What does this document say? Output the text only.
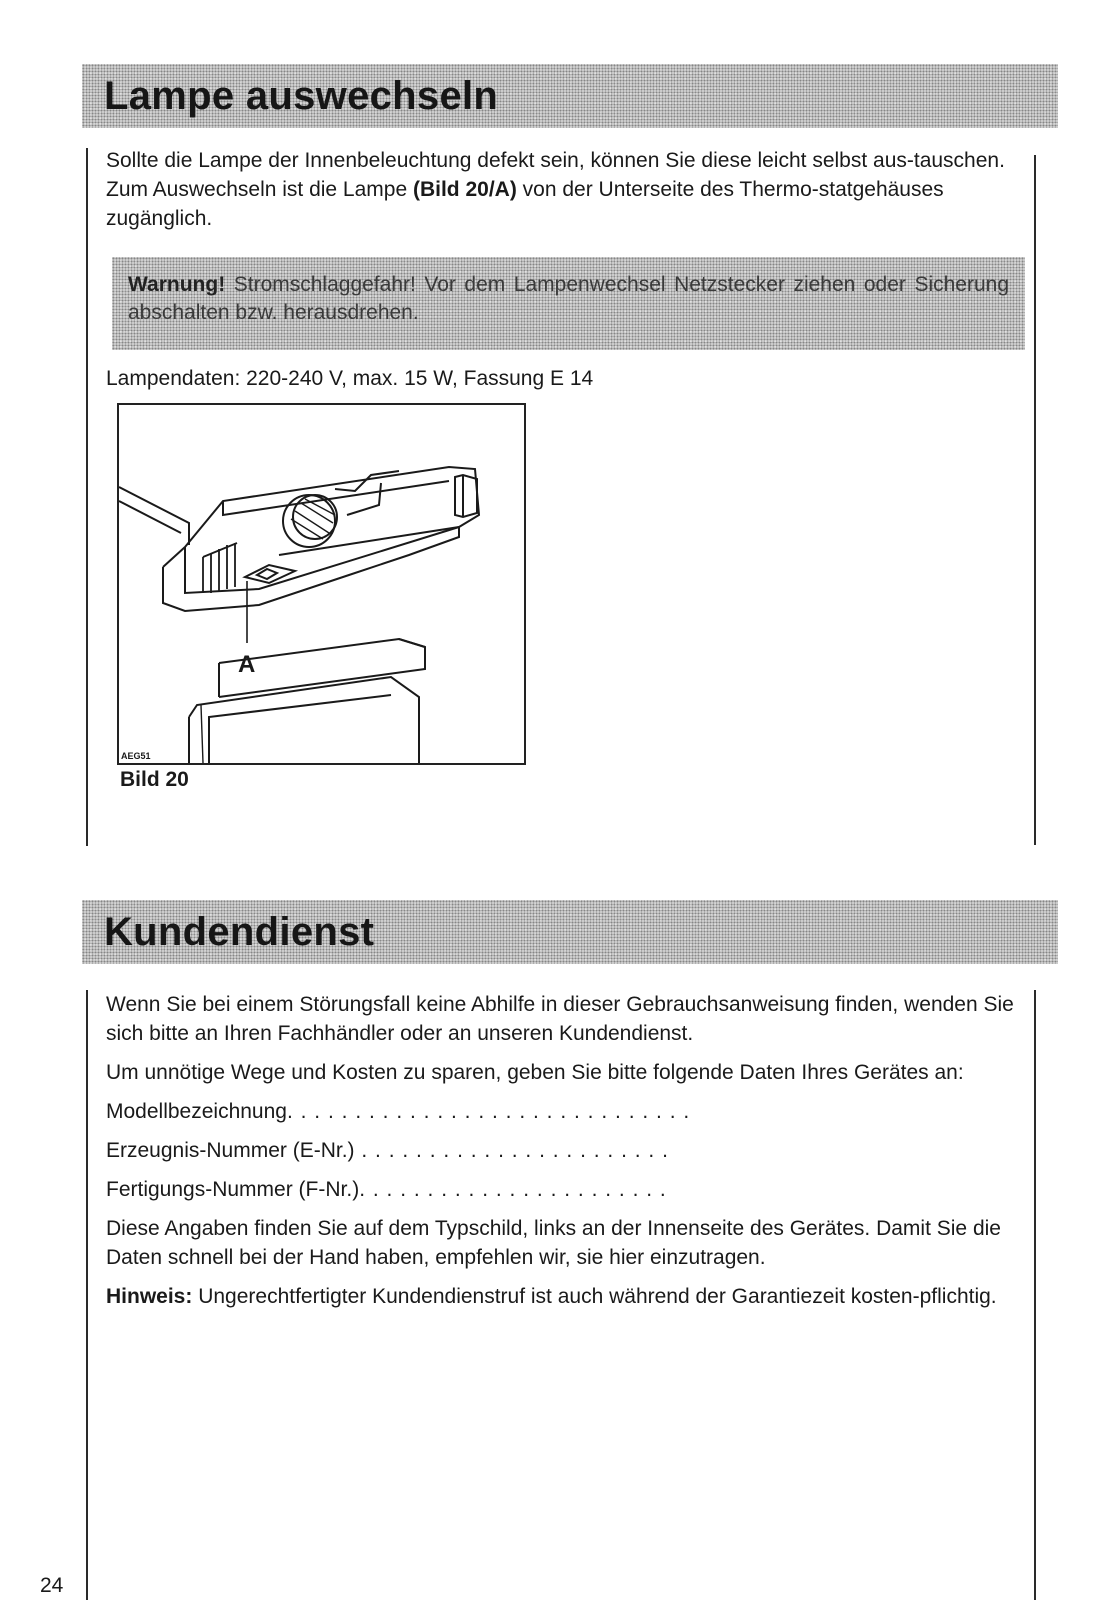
Lampe auswechseln

Sollte die Lampe der Innenbeleuchtung defekt sein, können Sie diese leicht selbst aus-tauschen. Zum Auswechseln ist die Lampe (Bild 20/A) von der Unterseite des Thermo-statgehäuses zugänglich.

Warnung! Stromschlaggefahr! Vor dem Lampenwechsel Netzstecker ziehen oder Sicherung abschalten bzw. herausdrehen.

Lampendaten: 220-240 V, max. 15 W, Fassung E 14

A
AEG51
Bild 20
Kundendienst

Wenn Sie bei einem Störungsfall keine Abhilfe in dieser Gebrauchsanweisung finden, wenden Sie sich bitte an Ihren Fachhändler oder an unseren Kundendienst.

Um unnötige Wege und Kosten zu sparen, geben Sie bitte folgende Daten Ihres Gerätes an:

Modellbezeichnung. . . . . . . . . . . . . . . . . . . . . . . . . . . . . .

Erzeugnis-Nummer (E-Nr.) . . . . . . . . . . . . . . . . . . . . . . .

Fertigungs-Nummer (F-Nr.). . . . . . . . . . . . . . . . . . . . . . .

Diese Angaben finden Sie auf dem Typschild, links an der Innenseite des Gerätes. Damit Sie die Daten schnell bei der Hand haben, empfehlen wir, sie hier einzutragen.

Hinweis: Ungerechtfertigter Kundendienstruf ist auch während der Garantiezeit kosten-pflichtig.

24
